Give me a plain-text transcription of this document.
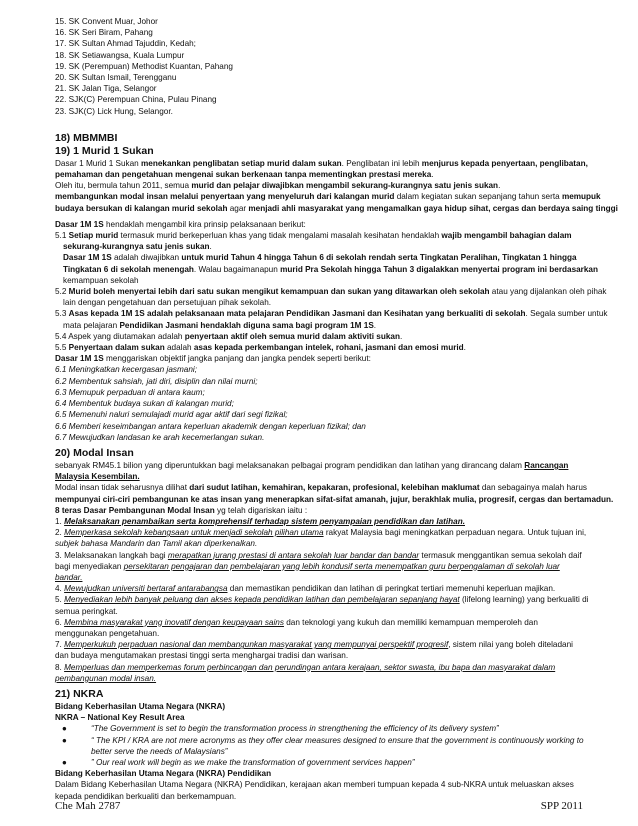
15. SK Convent Muar, Johor
16. SK Seri Biram, Pahang
17. SK Sultan Ahmad Tajuddin, Kedah;
18. SK Setiawangsa, Kuala Lumpur
19. SK (Perempuan) Methodist Kuantan, Pahang
20. SK Sultan Ismail, Terengganu
21. SK Jalan Tiga, Selangor
22. SJK(C) Perempuan China, Pulau Pinang
23. SJK(C) Lick Hung, Selangor.
18) MBMMBI
19) 1 Murid 1 Sukan
Dasar 1 Murid 1 Sukan menekankan penglibatan setiap murid dalam sukan. Penglibatan ini lebih menjurus kepada penyertaan, penglibatan,
pemahaman dan pengetahuan mengenai sukan berkenaan tanpa mementingkan prestasi mereka.
Oleh itu, bermula tahun 2011, semua murid dan pelajar diwajibkan mengambil sekurang-kurangnya satu jenis sukan.
membangunkan modal insan melalui penyertaan yang menyeluruh dari kalangan murid dalam kegiatan sukan sepanjang tahun serta memupuk
budaya bersukan di kalangan murid sekolah agar menjadi ahli masyarakat yang mengamalkan gaya hidup sihat, cergas dan berdaya saing tinggi
Dasar 1M 1S hendaklah mengambil kira prinsip pelaksanaan berikut:
5.1 Setiap murid termasuk murid berkeperluan khas yang tidak mengalami masalah kesihatan hendaklah wajib mengambil bahagian dalam
sekurang-kurangnya satu jenis sukan.
Dasar 1M 1S adalah diwajibkan untuk murid Tahun 4 hingga Tahun 6 di sekolah rendah serta Tingkatan Peralihan, Tingkatan 1 hingga
Tingkatan 6 di sekolah menengah. Walau bagaimanapun murid Pra Sekolah hingga Tahun 3 digalakkan menyertai program ini berdasarkan
kemampuan sekolah
5.2 Murid boleh menyertai lebih dari satu sukan mengikut kemampuan dan sukan yang ditawarkan oleh sekolah atau yang dijalankan oleh pihak
lain dengan pengetahuan dan persetujuan pihak sekolah.
5.3 Asas kepada 1M 1S adalah pelaksanaan mata pelajaran Pendidikan Jasmani dan Kesihatan yang berkualiti di sekolah. Segala sumber untuk
mata pelajaran Pendidikan Jasmani hendaklah diguna sama bagi program 1M 1S.
5.4 Aspek yang diutamakan adalah penyertaan aktif oleh semua murid dalam aktiviti sukan.
5.5 Penyertaan dalam sukan adalah asas kepada perkembangan intelek, rohani, jasmani dan emosi murid.
Dasar 1M 1S menggariskan objektif jangka panjang dan jangka pendek seperti berikut:
6.1 Meningkatkan kecergasan jasmani;
6.2 Membentuk sahsiah, jati diri, disiplin dan nilai murni;
6.3 Memupuk perpaduan di antara kaum;
6.4 Membentuk budaya sukan di kalangan murid;
6.5 Memenuhi naluri semulajadi murid agar aktif dari segi fizikal;
6.6 Memberi keseimbangan antara keperluan akademik dengan keperluan fizikal; dan
6.7 Mewujudkan landasan ke arah kecemerlangan sukan.
20) Modal Insan
sebanyak RM45.1 bilion yang diperuntukkan bagi melaksanakan pelbagai program pendidikan dan latihan yang dirancang dalam Rancangan
Malaysia Kesembilan.
Modal insan tidak seharusnya dilihat dari sudut latihan, kemahiran, kepakaran, profesional, kelebihan maklumat dan sebagainya malah harus
mempunyai ciri-ciri pembangunan ke atas insan yang menerapkan sifat-sifat amanah, jujur, berakhlak mulia, progresif, cergas dan bertamadun.
8 teras Dasar Pembangunan Modal Insan yg telah digariskan iaitu :
1. Melaksanakan penambaikan serta komprehensif terhadap sistem penyampaian pendidikan dan latihan.
2. Memperkasa sekolah kebangsaan untuk menjadi sekolah pilihan utama rakyat Malaysia bagi meningkatkan perpaduan negara. Untuk tujuan ini,
subjek bahasa Mandarin dan Tamil akan diperkenalkan.
3. Melaksanakan langkah bagi merapatkan jurang prestasi di antara sekolah luar bandar dan bandar termasuk menggantikan semua sekolah daif
bagi menyediakan persekitaran pengajaran dan pembelajaran yang lebih kondusif serta menempatkan guru berpengalaman di sekolah luar
bandar.
4. Mewujudkan universiti bertaraf antarabangsa dan memastikan pendidikan dan latihan di peringkat tertiari memenuhi keperluan majikan.
5. Menyediakan lebih banyak peluang dan akses kepada pendidikan latihan dan pembelajaran sepanjang hayat (lifelong learning) yang berkualiti di
semua peringkat.
6. Membina masyarakat yang inovatif dengan keupayaan sains dan teknologi yang kukuh dan memiliki kemampuan memperoleh dan
menggunakan pengetahuan.
7. Memperkukuh perpaduan nasional dan membangunkan masyarakat yang mempunyai perspektif progresif, sistem nilai yang boleh diteladani
dan budaya mengutamakan prestasi tinggi serta menghargai tradisi dan warisan.
8. Memperluas dan memperkemas forum perbincangan dan perundingan antara kerajaan, sektor swasta, ibu bapa dan masyarakat dalam
pembangunan modal insan.
21) NKRA
Bidang Keberhasilan Utama Negara (NKRA)
NKRA – National Key Result Area
●	“The Government is set to begin the transformation process in strengthening the efficiency of its delivery system”
●	“ The KPI / KRA are not mere acronyms as they offer clear measures designed to ensure that the government is continuously working to
better serve the needs of Malaysians”
●	” Our real work will begin as we make the transformation of government services happen”
Bidang Keberhasilan Utama Negara (NKRA) Pendidikan
Dalam Bidang Keberhasilan Utama Negara (NKRA) Pendidikan, kerajaan akan memberi tumpuan kepada 4 sub-NKRA untuk meluaskan akses
kepada pendidikan berkualiti dan berkemampuan.
Che Mah 2787	SPP 2011
